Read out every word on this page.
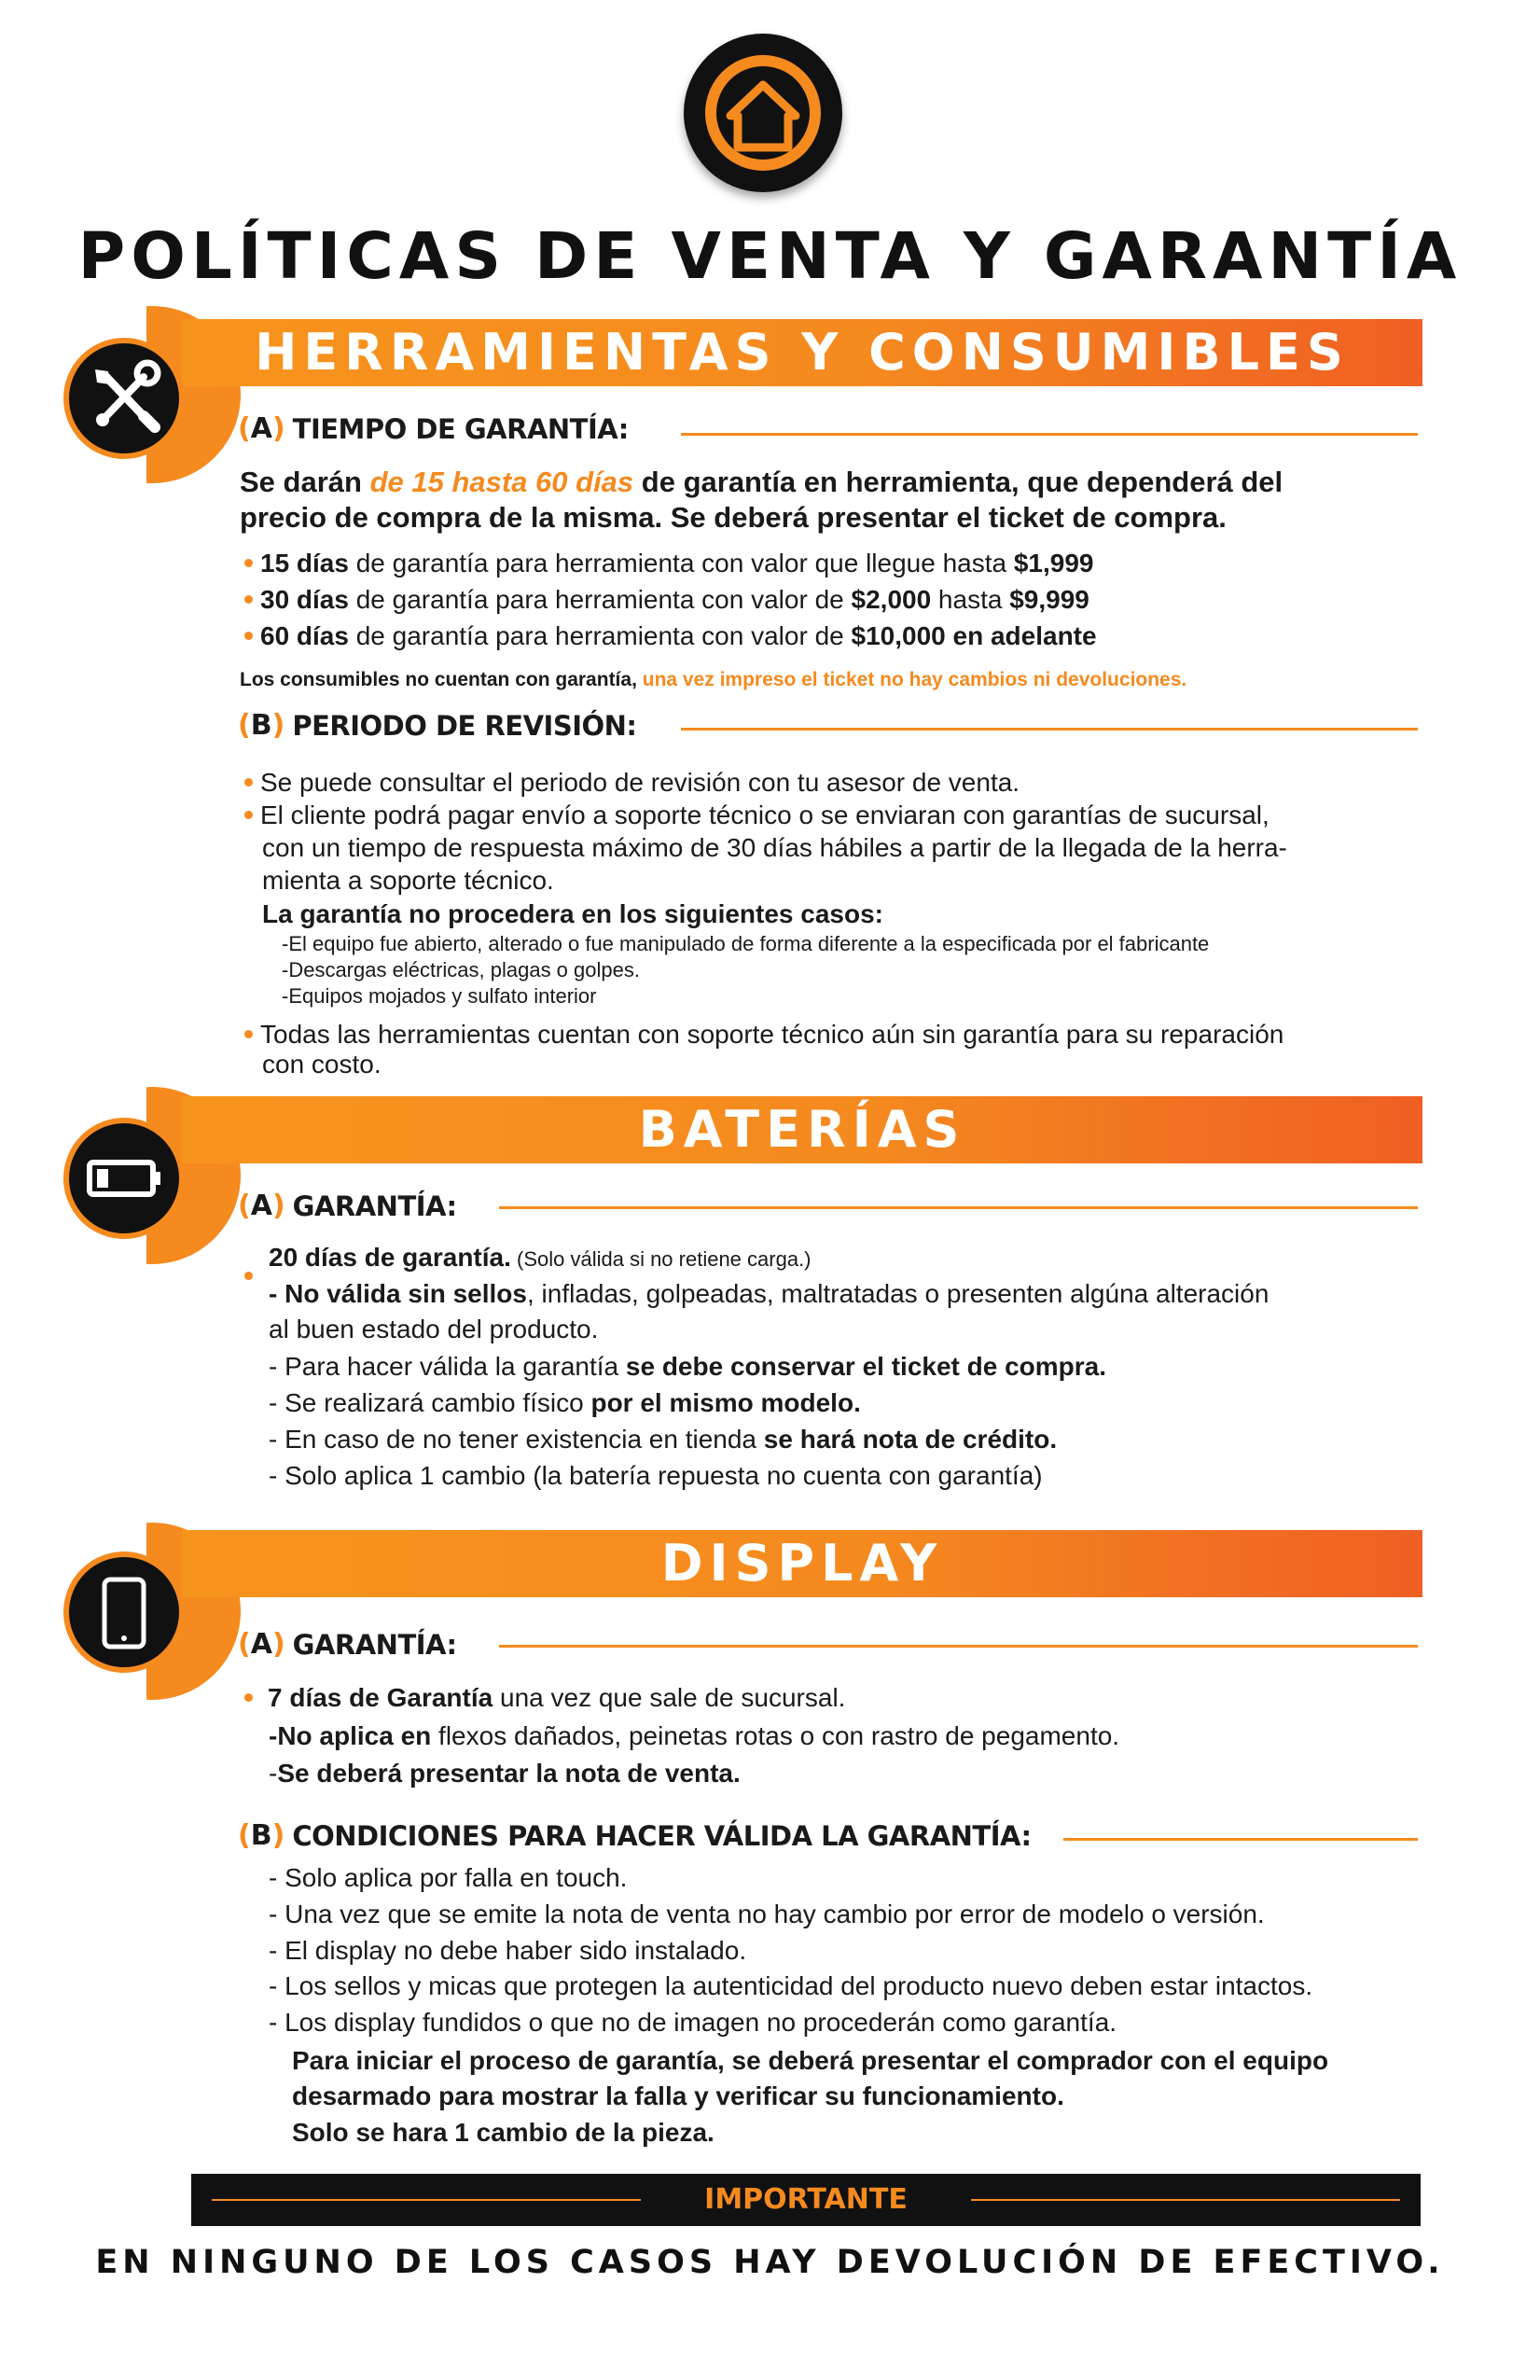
POLÍTICAS DE VENTA Y GARANTÍA
HERRAMIENTAS Y CONSUMIBLES
(A) TIEMPO DE GARANTÍA:
Se darán de 15 hasta 60 días de garantía en herramienta, que dependerá del
precio de compra de la misma. Se deberá presentar el ticket de compra.
15 días de garantía para herramienta con valor que llegue hasta $1,999
30 días de garantía para herramienta con valor de $2,000 hasta $9,999
60 días de garantía para herramienta con valor de $10,000 en adelante
Los consumibles no cuentan con garantía, una vez impreso el ticket no hay cambios ni devoluciones.
(B) PERIODO DE REVISIÓN:
Se puede consultar el periodo de revisión con tu asesor de venta.
El cliente podrá pagar envío a soporte técnico o se enviaran con garantías de sucursal,
con un tiempo de respuesta máximo de 30 días hábiles a partir de la llegada de la herra-
mienta a soporte técnico.
La garantía no procedera en los siguientes casos:
-El equipo fue abierto, alterado o fue manipulado de forma diferente a la especificada por el fabricante
-Descargas eléctricas, plagas o golpes.
-Equipos mojados y sulfato interior
Todas las herramientas cuentan con soporte técnico aún sin garantía para su reparación
con costo.
BATERÍAS
(A) GARANTÍA:
20 días de garantía. (Solo válida si no retiene carga.)
- No válida sin sellos, infladas, golpeadas, maltratadas o presenten algúna alteración
al buen estado del producto.
- Para hacer válida la garantía se debe conservar el ticket de compra.
- Se realizará cambio físico por el mismo modelo.
- En caso de no tener existencia en tienda se hará nota de crédito.
- Solo aplica 1 cambio (la batería repuesta no cuenta con garantía)
DISPLAY
(A) GARANTÍA:
7 días de Garantía una vez que sale de sucursal.
-No aplica en flexos dañados, peinetas rotas o con rastro de pegamento.
-Se deberá presentar la nota de venta.
(B) CONDICIONES PARA HACER VÁLIDA LA GARANTÍA:
- Solo aplica por falla en touch.
- Una vez que se emite la nota de venta no hay cambio por error de modelo o versión.
- El display no debe haber sido instalado.
- Los sellos y micas que protegen la autenticidad del producto nuevo deben estar intactos.
- Los display fundidos o que no de imagen no procederán como garantía.
Para iniciar el proceso de garantía, se deberá presentar el comprador con el equipo
desarmado para mostrar la falla y verificar su funcionamiento.
Solo se hara 1 cambio de la pieza.
IMPORTANTE
EN NINGUNO DE LOS CASOS HAY DEVOLUCIÓN DE EFECTIVO.
